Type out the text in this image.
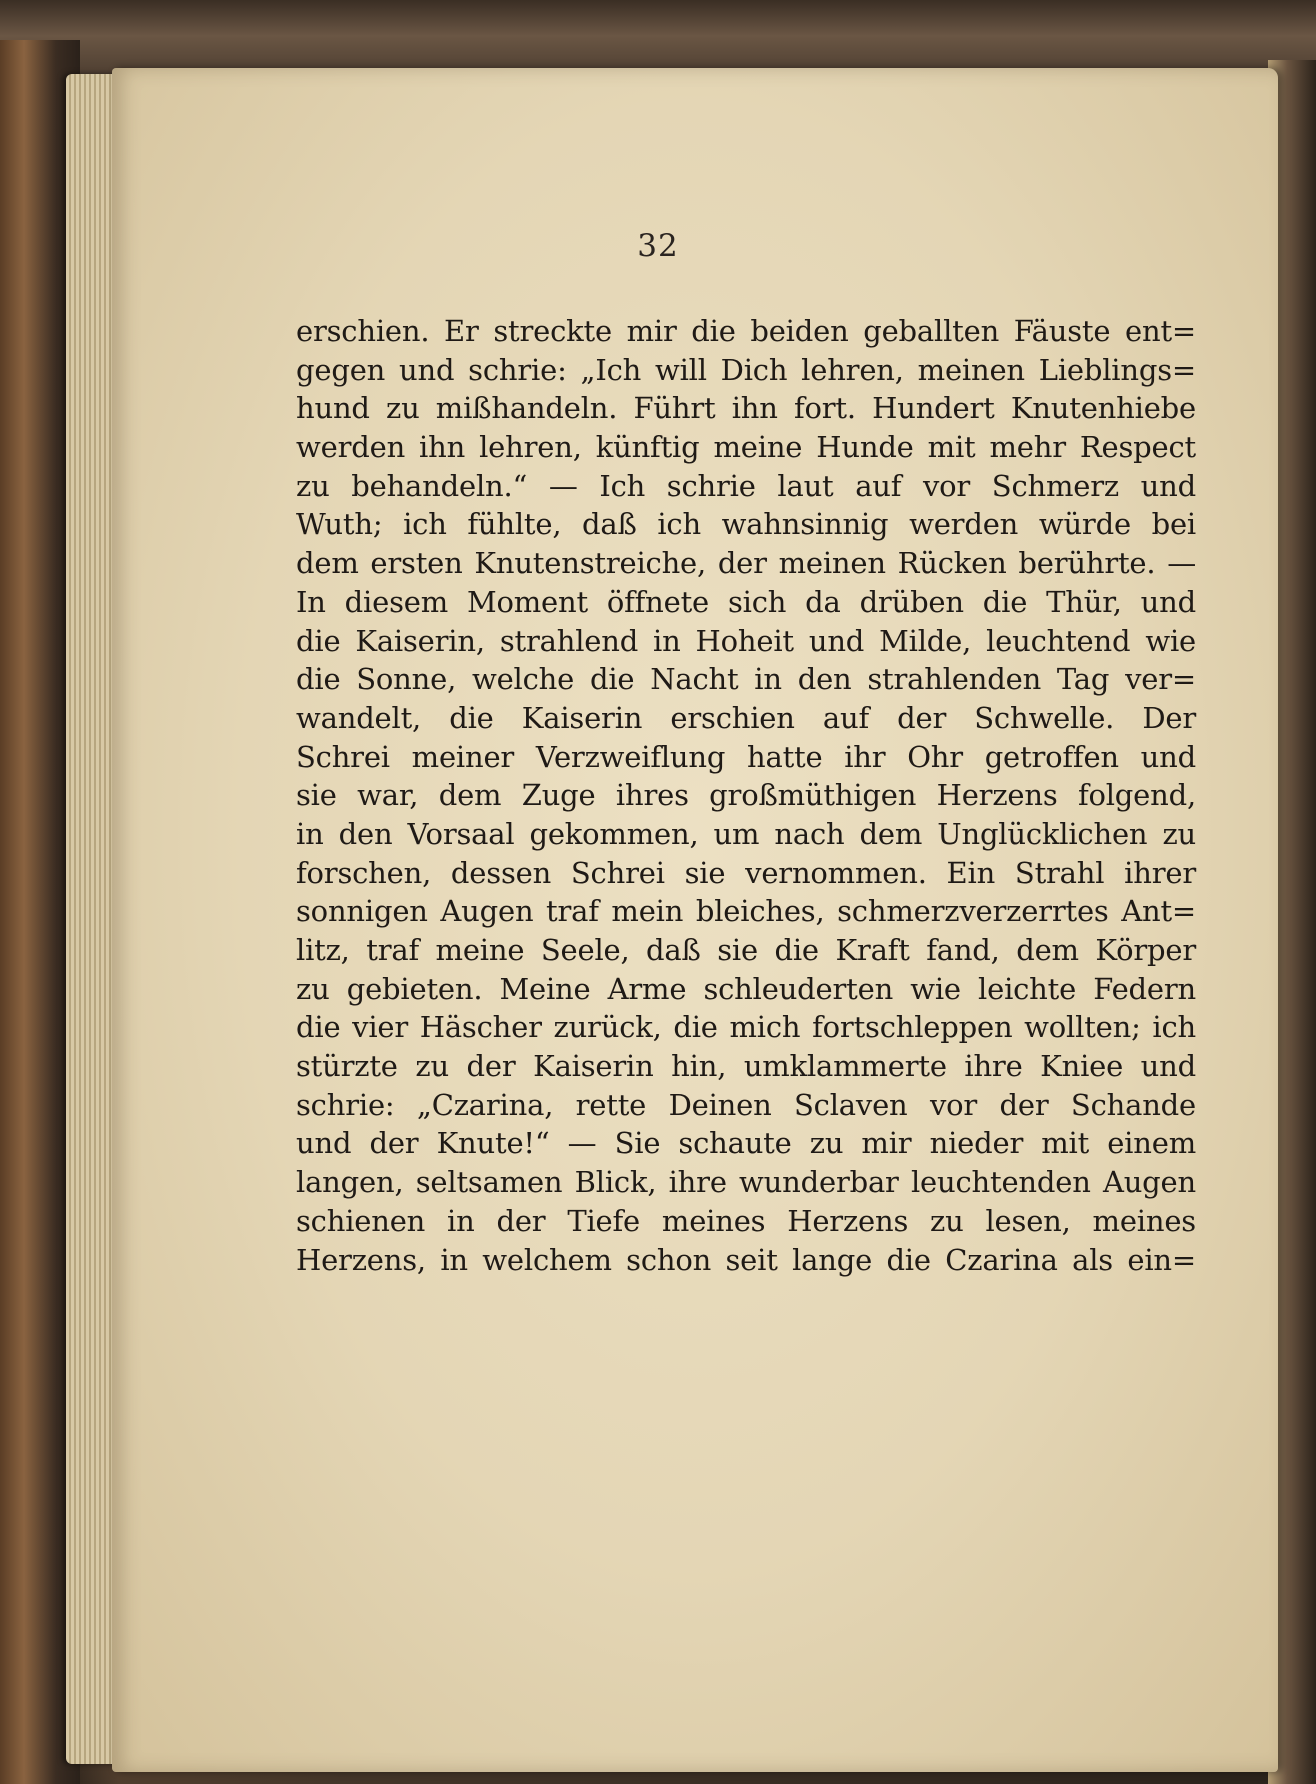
32
erschien. Er streckte mir die beiden geballten Fäuste ent=
gegen und schrie: „Ich will Dich lehren, meinen Lieblings=
hund zu mißhandeln. Führt ihn fort. Hundert Knutenhiebe
werden ihn lehren, künftig meine Hunde mit mehr Respect
zu behandeln.“ — Ich schrie laut auf vor Schmerz und
Wuth; ich fühlte, daß ich wahnsinnig werden würde bei
dem ersten Knutenstreiche, der meinen Rücken berührte. —
In diesem Moment öffnete sich da drüben die Thür, und
die Kaiserin, strahlend in Hoheit und Milde, leuchtend wie
die Sonne, welche die Nacht in den strahlenden Tag ver=
wandelt, die Kaiserin erschien auf der Schwelle. Der
Schrei meiner Verzweiflung hatte ihr Ohr getroffen und
sie war, dem Zuge ihres großmüthigen Herzens folgend,
in den Vorsaal gekommen, um nach dem Unglücklichen zu
forschen, dessen Schrei sie vernommen. Ein Strahl ihrer
sonnigen Augen traf mein bleiches, schmerzverzerrtes Ant=
litz, traf meine Seele, daß sie die Kraft fand, dem Körper
zu gebieten. Meine Arme schleuderten wie leichte Federn
die vier Häscher zurück, die mich fortschleppen wollten; ich
stürzte zu der Kaiserin hin, umklammerte ihre Kniee und
schrie: „Czarina, rette Deinen Sclaven vor der Schande
und der Knute!“ — Sie schaute zu mir nieder mit einem
langen, seltsamen Blick, ihre wunderbar leuchtenden Augen
schienen in der Tiefe meines Herzens zu lesen, meines
Herzens, in welchem schon seit lange die Czarina als ein=
